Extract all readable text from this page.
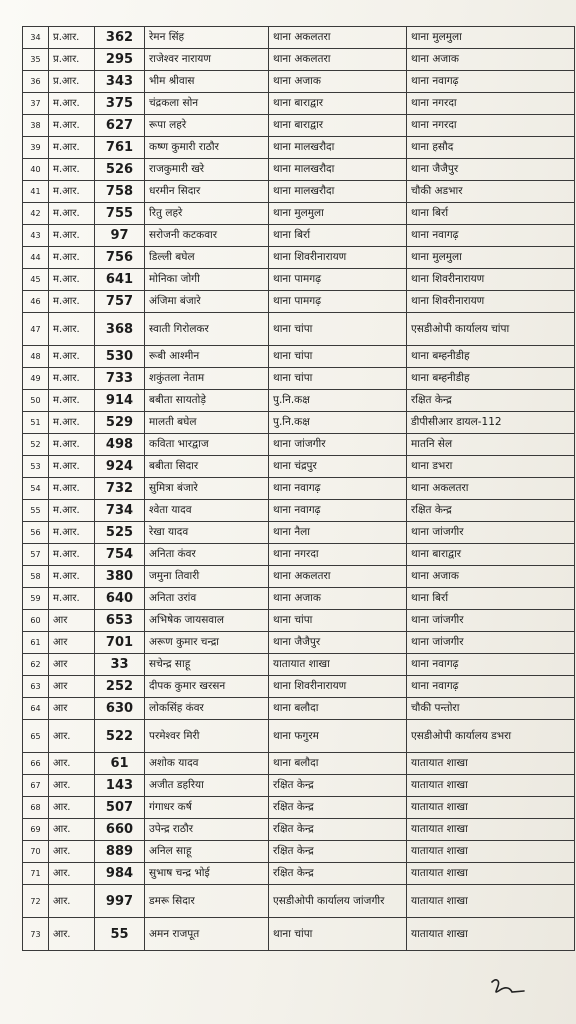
34	प्र.आर.	362	रेमन सिंह	थाना अकलतरा	थाना मुलमुला
35	प्र.आर.	295	राजेश्वर नारायण	थाना अकलतरा	थाना अजाक
36	प्र.आर.	343	भीम श्रीवास	थाना अजाक	थाना नवागढ़
37	म.आर.	375	चंद्रकला सोन	थाना बाराद्वार	थाना नगरदा
38	म.आर.	627	रूपा लहरे	थाना बाराद्वार	थाना नगरदा
39	म.आर.	761	कष्ण कुमारी राठौर	थाना मालखरौदा	थाना हसौद
40	म.आर.	526	राजकुमारी खरे	थाना मालखरौदा	थाना जैजैपुर
41	म.आर.	758	धरमीन सिदार	थाना मालखरौदा	चौकी अडभार
42	म.आर.	755	रितु लहरे	थाना मुलमुला	थाना बिर्रा
43	म.आर.	97	सरोजनी कटकवार	थाना बिर्रा	थाना नवागढ़
44	म.आर.	756	डिल्ली बघेल	थाना शिवरीनारायण	थाना मुलमुला
45	म.आर.	641	मोनिका जोगी	थाना पामगढ़	थाना शिवरीनारायण
46	म.आर.	757	अंजिमा बंजारे	थाना पामगढ़	थाना शिवरीनारायण
47	म.आर.	368	स्वाती गिरोलकर	थाना चांपा	एसडीओपी कार्यालय चांपा
48	म.आर.	530	रूबी आश्मीन	थाना चांपा	थाना बम्हनीडीह
49	म.आर.	733	शकुंतला नेताम	थाना चांपा	थाना बम्हनीडीह
50	म.आर.	914	बबीता सायतोड़े	पु.नि.कक्ष	रक्षित केन्द्र
51	म.आर.	529	मालती बघेल	पु.नि.कक्ष	डीपीसीआर डायल-112
52	म.आर.	498	कविता भारद्वाज	थाना जांजगीर	मातनि सेल
53	म.आर.	924	बबीता सिदार	थाना चंद्रपुर	थाना डभरा
54	म.आर.	732	सुमित्रा बंजारे	थाना नवागढ़	थाना अकलतरा
55	म.आर.	734	श्वेता यादव	थाना नवागढ़	रक्षित केन्द्र
56	म.आर.	525	रेखा यादव	थाना नैला	थाना जांजगीर
57	म.आर.	754	अनिता कंवर	थाना नगरदा	थाना बाराद्वार
58	म.आर.	380	जमुना तिवारी	थाना अकलतरा	थाना अजाक
59	म.आर.	640	अनिता उरांव	थाना अजाक	थाना बिर्रा
60	आर	653	अभिषेक जायसवाल	थाना चांपा	थाना जांजगीर
61	आर	701	अरूण कुमार चन्द्रा	थाना जैजैपुर	थाना जांजगीर
62	आर	33	सचेन्द्र साहू	यातायात शाखा	थाना नवागढ़
63	आर	252	दीपक कुमार खरसन	थाना शिवरीनारायण	थाना नवागढ़
64	आर	630	लोकसिंह कंवर	थाना बलौदा	चौकी पन्तोरा
65	आर.	522	परमेश्वर मिरी	थाना फगुरम	एसडीओपी कार्यालय डभरा
66	आर.	61	अशोक यादव	थाना बलौदा	यातायात शाखा
67	आर.	143	अजीत डहरिया	रक्षित केन्द्र	यातायात शाखा
68	आर.	507	गंगाधर कर्ष	रक्षित केन्द्र	यातायात शाखा
69	आर.	660	उपेन्द्र राठौर	रक्षित केन्द्र	यातायात शाखा
70	आर.	889	अनिल साहू	रक्षित केन्द्र	यातायात शाखा
71	आर.	984	सुभाष चन्द्र भोई	रक्षित केन्द्र	यातायात शाखा
72	आर.	997	डमरू सिदार	एसडीओपी कार्यालय जांजगीर	यातायात शाखा
73	आर.	55	अमन राजपूत	थाना चांपा	यातायात शाखा
